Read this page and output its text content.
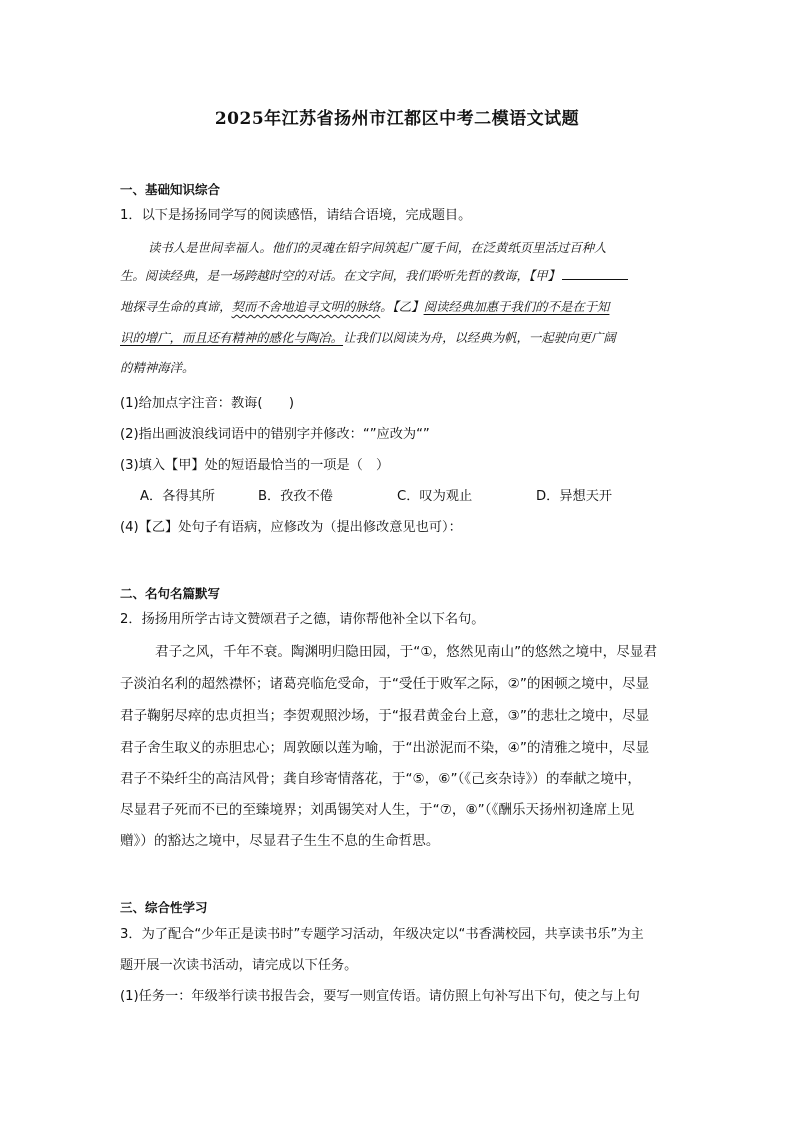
2025年江苏省扬州市江都区中考二模语文试题
一、基础知识综合
1．以下是扬扬同学写的阅读感悟，请结合语境，完成题目。
读书人是世间幸福人。他们的灵魂在铅字间筑起广厦千间，在泛黄纸页里活过百种人
生。阅读经典，是一场跨越时空的对话。在文字间，我们聆听先哲的教诲，【甲】
地探寻生命的真谛，契而不舍地追寻文明的脉络。【乙】阅读经典加惠于我们的不是在于知
识的增广，而且还有精神的感化与陶冶。让我们以阅读为舟，以经典为帆，一起驶向更广阔
的精神海洋。
(1)给加点字注音：教诲(　　)
(2)指出画波浪线词语中的错别字并修改：“”应改为“”
(3)填入【甲】处的短语最恰当的一项是（　）
A．各得其所	B．孜孜不倦	C．叹为观止	D．异想天开
(4)【乙】处句子有语病，应修改为（提出修改意见也可）：
二、名句名篇默写
2．扬扬用所学古诗文赞颂君子之德，请你帮他补全以下名句。
君子之风，千年不衰。陶渊明归隐田园，于“①，悠然见南山”的悠然之境中，尽显君
子淡泊名利的超然襟怀；诸葛亮临危受命，于“受任于败军之际，②”的困顿之境中，尽显
君子鞠躬尽瘁的忠贞担当；李贺观照沙场，于“报君黄金台上意，③”的悲壮之境中，尽显
君子舍生取义的赤胆忠心；周敦颐以莲为喻，于“出淤泥而不染，④”的清雅之境中，尽显
君子不染纤尘的高洁风骨；龚自珍寄情落花，于“⑤，⑥”（《己亥杂诗》）的奉献之境中，
尽显君子死而不已的至臻境界；刘禹锡笑对人生，于“⑦，⑧”（《酬乐天扬州初逢席上见
赠》）的豁达之境中，尽显君子生生不息的生命哲思。
三、综合性学习
3．为了配合“少年正是读书时”专题学习活动，年级决定以“书香满校园，共享读书乐”为主
题开展一次读书活动，请完成以下任务。
(1)任务一：年级举行读书报告会，要写一则宣传语。请仿照上句补写出下句，使之与上句
